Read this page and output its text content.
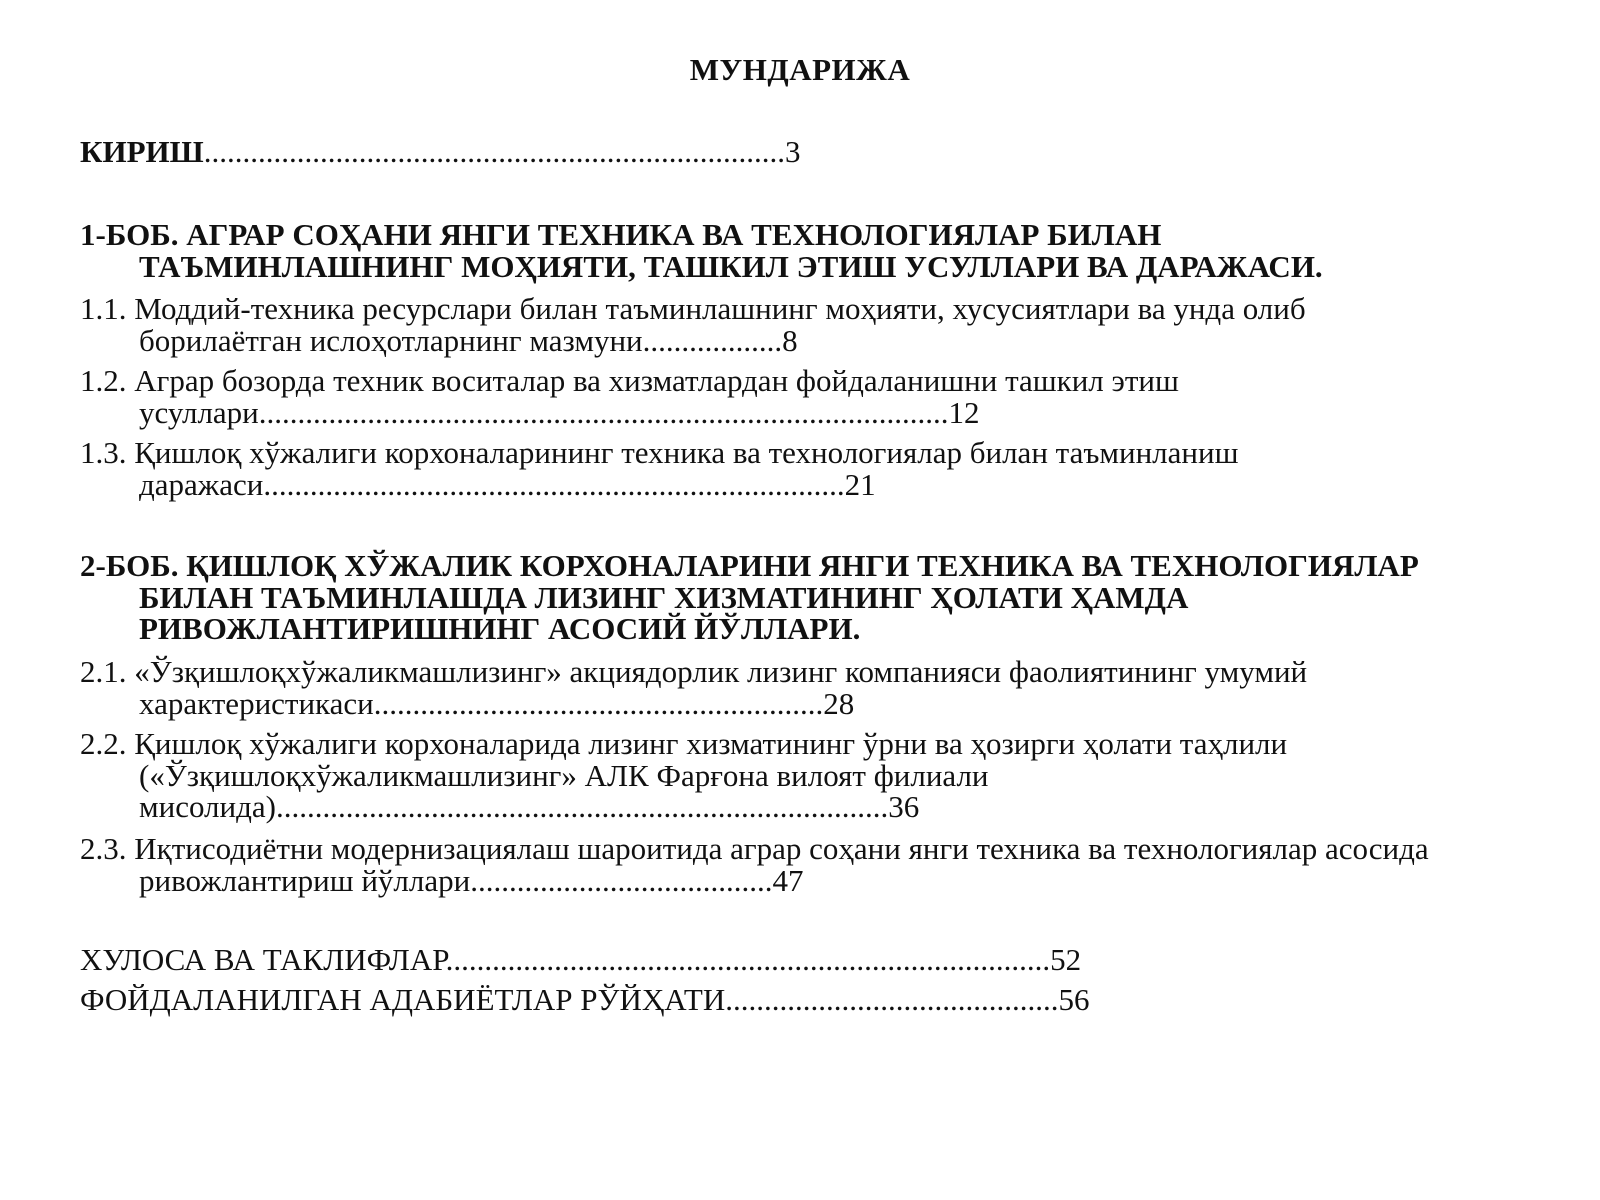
МУНДАРИЖА
КИРИШ...........................................................................3
1-БОБ. АГРАР СОҲАНИ ЯНГИ ТЕХНИКА ВА ТЕХНОЛОГИЯЛАР БИЛАН
ТАЪМИНЛАШНИНГ МОҲИЯТИ, ТАШКИЛ ЭТИШ УСУЛЛАРИ ВА ДАРАЖАСИ.
1.1. Моддий-техника ресурслари билан таъминлашнинг моҳияти, хусусиятлари ва унда олиб
борилаётган ислоҳотларнинг мазмуни..................8
1.2. Аграр бозорда техник воситалар ва хизматлардан фойдаланишни ташкил этиш
усуллари.........................................................................................12
1.3. Қишлоқ хўжалиги корхоналарининг техника ва технологиялар билан таъминланиш
даражаси...........................................................................21
2-БОБ. ҚИШЛОҚ ХЎЖАЛИК КОРХОНАЛАРИНИ ЯНГИ ТЕХНИКА ВА ТЕХНОЛОГИЯЛАР
БИЛАН ТАЪМИНЛАШДА ЛИЗИНГ ХИЗМАТИНИНГ ҲОЛАТИ ҲАМДА
РИВОЖЛАНТИРИШНИНГ АСОСИЙ ЙЎЛЛАРИ.
2.1. «Ўзқишлоқхўжаликмашлизинг» акциядорлик лизинг компанияси фаолиятининг умумий
характеристикаси..........................................................28
2.2. Қишлоқ хўжалиги корхоналарида лизинг хизматининг ўрни ва ҳозирги ҳолати таҳлили
(«Ўзқишлоқхўжаликмашлизинг» АЛК Фарғона вилоят филиали
мисолида)...............................................................................36
2.3. Иқтисодиётни модернизациялаш шароитида аграр соҳани янги техника ва технологиялар асосида
ривожлантириш йўллари.......................................47
ХУЛОСА ВА ТАКЛИФЛАР..............................................................................52
ФОЙДАЛАНИЛГАН АДАБИЁТЛАР РЎЙҲАТИ...........................................56
